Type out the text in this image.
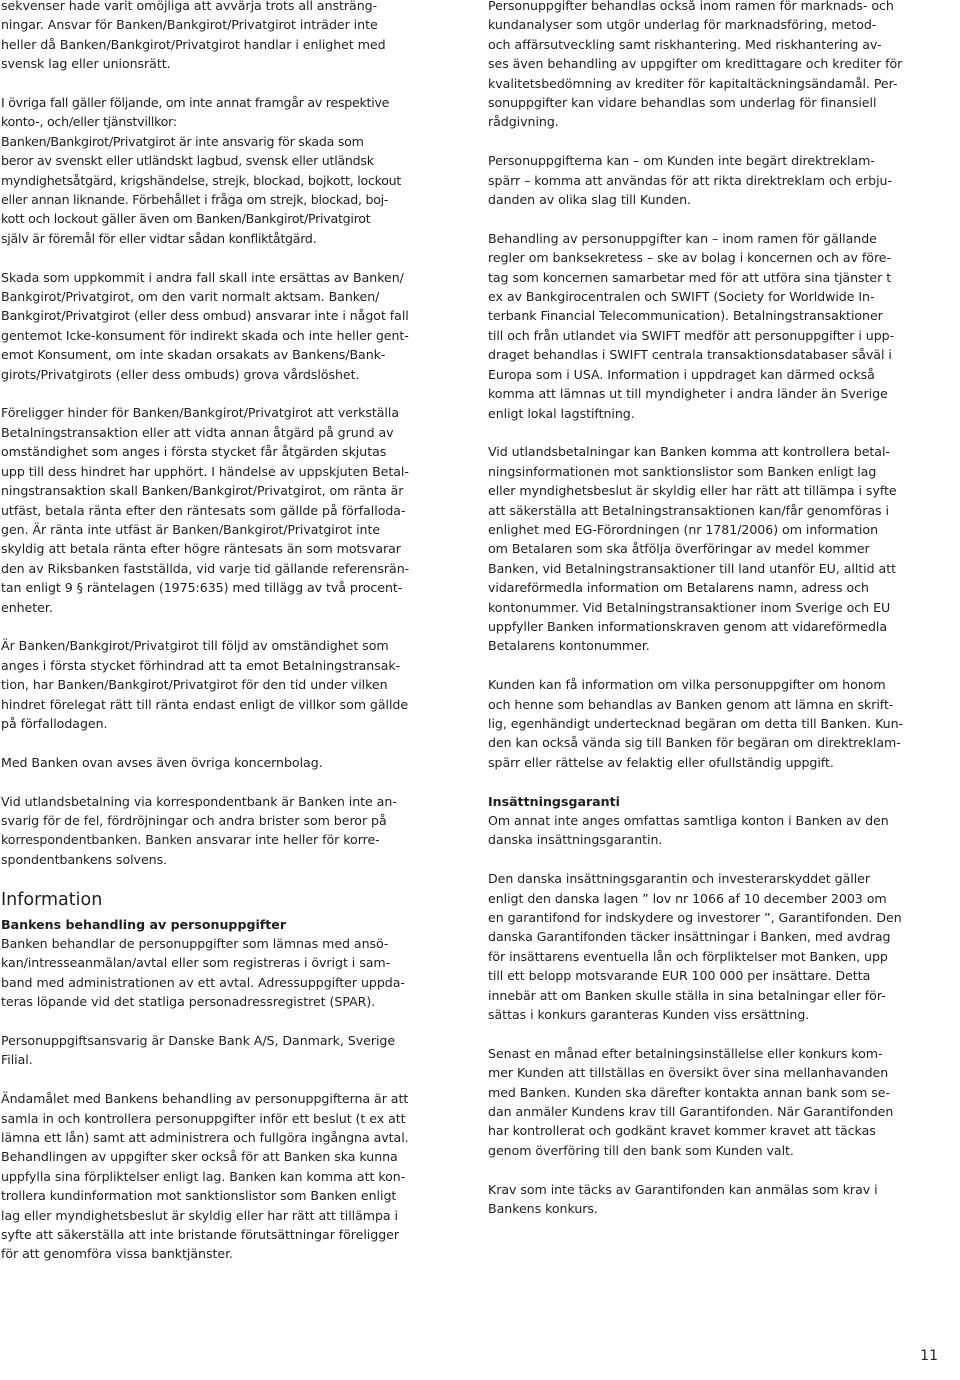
sekvenser hade varit omöjliga att avvärja trots all ansträng-
ningar. Ansvar för Banken/Bankgirot/Privatgirot inträder inte
heller då Banken/Bankgirot/Privatgirot handlar i enlighet med
svensk lag eller unionsrätt.

I övriga fall gäller följande, om inte annat framgår av respektive
konto-, och/eller tjänstvillkor:
Banken/Bankgirot/Privatgirot är inte ansvarig för skada som
beror av svenskt eller utländskt lagbud, svensk eller utländsk
myndighetsåtgärd, krigshändelse, strejk, blockad, bojkott, lockout
eller annan liknande. Förbehållet i fråga om strejk, blockad, boj-
kott och lockout gäller även om Banken/Bankgirot/Privatgirot
själv är föremål för eller vidtar sådan konfliktåtgärd.

Skada som uppkommit i andra fall skall inte ersättas av Banken/
Bankgirot/Privatgirot, om den varit normalt aktsam. Banken/
Bankgirot/Privatgirot (eller dess ombud) ansvarar inte i något fall
gentemot Icke-konsument för indirekt skada och inte heller gent-
emot Konsument, om inte skadan orsakats av Bankens/Bank-
girots/Privatgirots (eller dess ombuds) grova vårdslöshet.

Föreligger hinder för Banken/Bankgirot/Privatgirot att verkställa
Betalningstransaktion eller att vidta annan åtgärd på grund av
omständighet som anges i första stycket får åtgärden skjutas
upp till dess hindret har upphört. I händelse av uppskjuten Betal-
ningstransaktion skall Banken/Bankgirot/Privatgirot, om ränta är
utfäst, betala ränta efter den räntesats som gällde på förfalloda-
gen. Är ränta inte utfäst är Banken/Bankgirot/Privatgirot inte
skyldig att betala ränta efter högre räntesats än som motsvarar
den av Riksbanken fastställda, vid varje tid gällande referensrän-
tan enligt 9 § räntelagen (1975:635) med tillägg av två procent-
enheter.

Är Banken/Bankgirot/Privatgirot till följd av omständighet som
anges i första stycket förhindrad att ta emot Betalningstransak-
tion, har Banken/Bankgirot/Privatgirot för den tid under vilken
hindret förelegat rätt till ränta endast enligt de villkor som gällde
på förfallodagen.

Med Banken ovan avses även övriga koncernbolag.

Vid utlandsbetalning via korrespondentbank är Banken inte an-
svarig för de fel, fördröjningar och andra brister som beror på
korrespondentbanken. Banken ansvarar inte heller för korre-
spondentbankens solvens.

Information

Bankens behandling av personuppgifter

Banken behandlar de personuppgifter som lämnas med ansö-
kan/intresseanmälan/avtal eller som registreras i övrigt i sam-
band med administrationen av ett avtal. Adressuppgifter uppda-
teras löpande vid det statliga personadressregistret (SPAR).

Personuppgiftsansvarig är Danske Bank A/S, Danmark, Sverige
Filial.

Ändamålet med Bankens behandling av personuppgifterna är att
samla in och kontrollera personuppgifter inför ett beslut (t ex att
lämna ett lån) samt att administrera och fullgöra ingångna avtal.
Behandlingen av uppgifter sker också för att Banken ska kunna
uppfylla sina förpliktelser enligt lag. Banken kan komma att kon-
trollera kundinformation mot sanktionslistor som Banken enligt
lag eller myndighetsbeslut är skyldig eller har rätt att tillämpa i
syfte att säkerställa att inte bristande förutsättningar föreligger
för att genomföra vissa banktjänster.

Personuppgifter behandlas också inom ramen för marknads- och
kundanalyser som utgör underlag för marknadsföring, metod-
och affärsutveckling samt riskhantering. Med riskhantering av-
ses även behandling av uppgifter om kredittagare och krediter för
kvalitetsbedömning av krediter för kapitaltäckningsändamål. Per-
sonuppgifter kan vidare behandlas som underlag för finansiell
rådgivning.

Personuppgifterna kan – om Kunden inte begärt direktreklam-
spärr – komma att användas för att rikta direktreklam och erbju-
danden av olika slag till Kunden.

Behandling av personuppgifter kan – inom ramen för gällande
regler om banksekretess – ske av bolag i koncernen och av före-
tag som koncernen samarbetar med för att utföra sina tjänster t
ex av Bankgirocentralen och SWIFT (Society for Worldwide In-
terbank Financial Telecommunication). Betalningstransaktioner
till och från utlandet via SWIFT medför att personuppgifter i upp-
draget behandlas i SWIFT centrala transaktionsdatabaser såväl i
Europa som i USA. Information i uppdraget kan därmed också
komma att lämnas ut till myndigheter i andra länder än Sverige
enligt lokal lagstiftning.

Vid utlandsbetalningar kan Banken komma att kontrollera betal-
ningsinformationen mot sanktionslistor som Banken enligt lag
eller myndighetsbeslut är skyldig eller har rätt att tillämpa i syfte
att säkerställa att Betalningstransaktionen kan/får genomföras i
enlighet med EG-Förordningen (nr 1781/2006) om information
om Betalaren som ska åtfölja överföringar av medel kommer
Banken, vid Betalningstransaktioner till land utanför EU, alltid att
vidareförmedla information om Betalarens namn, adress och
kontonummer. Vid Betalningstransaktioner inom Sverige och EU
uppfyller Banken informationskraven genom att vidareförmedla
Betalarens kontonummer.

Kunden kan få information om vilka personuppgifter om honom
och henne som behandlas av Banken genom att lämna en skrift-
lig, egenhändigt undertecknad begäran om detta till Banken. Kun-
den kan också vända sig till Banken för begäran om direktreklam-
spärr eller rättelse av felaktig eller ofullständig uppgift.

Insättningsgaranti

Om annat inte anges omfattas samtliga konton i Banken av den
danska insättningsgarantin.

Den danska insättningsgarantin och investerarskyddet gäller
enligt den danska lagen ” lov nr 1066 af 10 december 2003 om
en garantifond for indskydere og investorer ”, Garantifonden. Den
danska Garantifonden täcker insättningar i Banken, med avdrag
för insättarens eventuella lån och förpliktelser mot Banken, upp
till ett belopp motsvarande EUR 100 000 per insättare. Detta
innebär att om Banken skulle ställa in sina betalningar eller för-
sättas i konkurs garanteras Kunden viss ersättning.

Senast en månad efter betalningsinställelse eller konkurs kom-
mer Kunden att tillställas en översikt över sina mellanhavanden
med Banken. Kunden ska därefter kontakta annan bank som se-
dan anmäler Kundens krav till Garantifonden. När Garantifonden
har kontrollerat och godkänt kravet kommer kravet att täckas
genom överföring till den bank som Kunden valt.

Krav som inte täcks av Garantifonden kan anmälas som krav i
Bankens konkurs.

11
